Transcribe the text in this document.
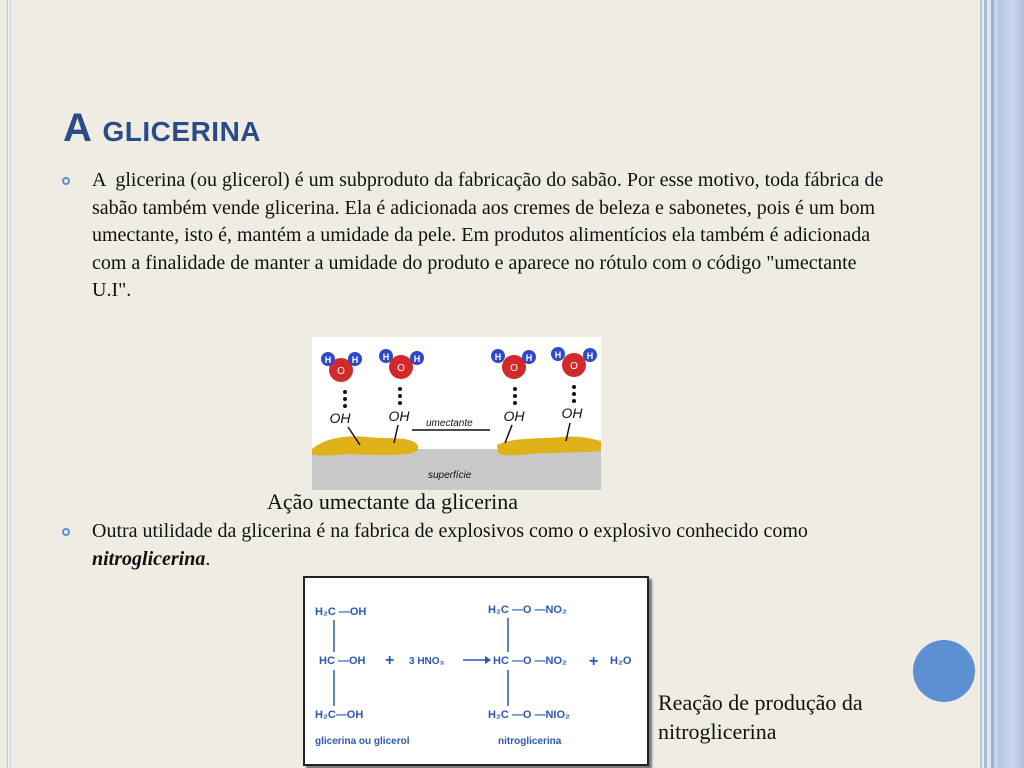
A glicerina
A  glicerina (ou glicerol) é um subproduto da fabricação do sabão. Por esse motivo, toda fábrica de sabão também vende glicerina. Ela é adicionada aos cremes de beleza e sabonetes, pois é um bom umectante, isto é, mantém a umidade da pele. Em produtos alimentícios ela também é adicionada com a finalidade de manter a umidade do produto e aparece no rótulo com o código "umectante U.I".
H H
O
H	H
O
H	H
O
H	H
O
OH	OH	OH	OH
umectante
superfície
Ação umectante da glicerina
Outra utilidade da glicerina é na fabrica de explosivos como o explosivo conhecido como nitroglicerina.
H₂C —OH
HC —OH
H₂C—OH
+ 3 HNO₃
H₂C —O —NO₂
HC —O —NO₂
H₂C —O —NIO₂
+ H₂O
glicerina ou glicerol	nitroglicerina
Reação de produção da nitroglicerina
